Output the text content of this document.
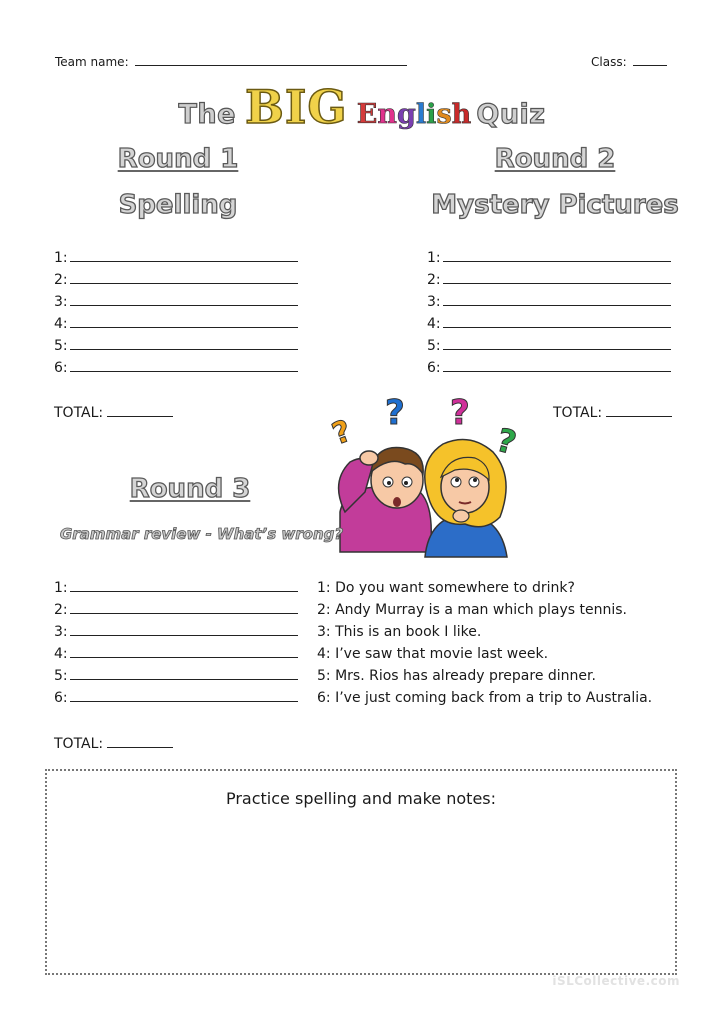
Team name:	Class:
The BIG English Quiz
Round 1
Spelling
1:
2:
3:
4:
5:
6:
TOTAL:
Round 2
Mystery Pictures
1:
2:
3:
4:
5:
6:
TOTAL:
? ? ?
?
Round 3
Grammar review - What’s wrong?
1:
2:
3:
4:
5:
6:
1: Do you want somewhere to drink?
2: Andy Murray is a man which plays tennis.
3: This is an book I like.
4: I’ve saw that movie last week.
5: Mrs. Rios has already prepare dinner.
6: I’ve just coming back from a trip to Australia.
TOTAL:
Practice spelling and make notes:
iSLCollective.com
